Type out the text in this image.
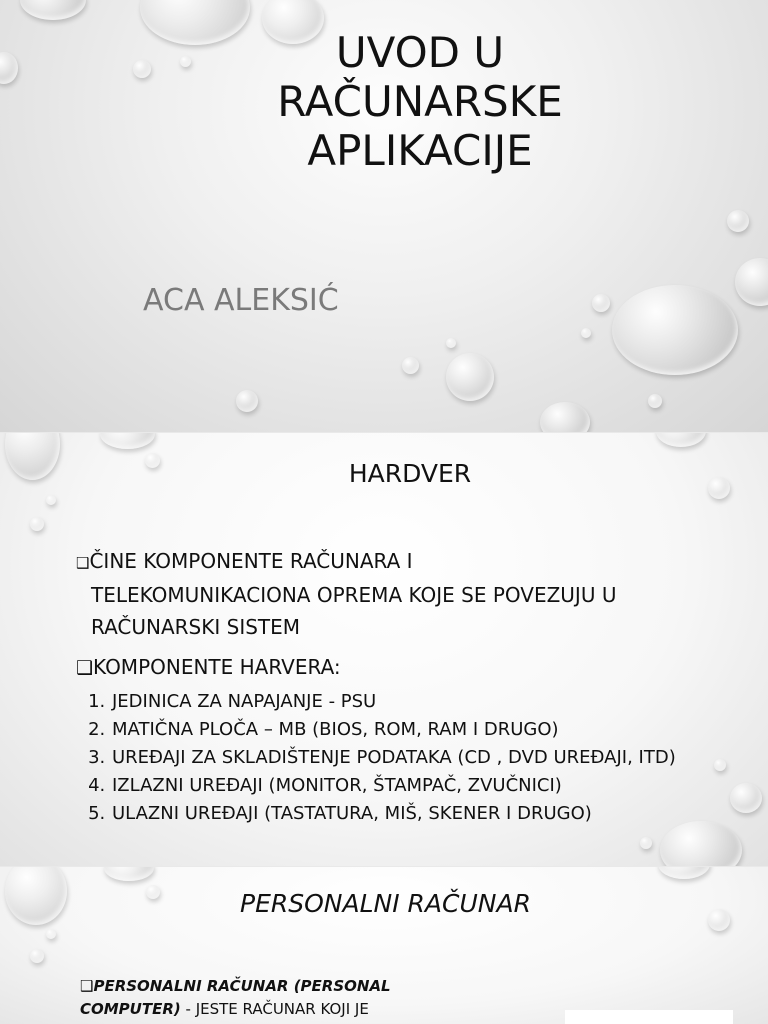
UVOD U
RAČUNARSKE
APLIKACIJE
ACA ALEKSIĆ
HARDVER
❑ČINE KOMPONENTE RAČUNARA I
TELEKOMUNIKACIONA OPREMA KOJE SE POVEZUJU U
RAČUNARSKI SISTEM
❑KOMPONENTE HARVERA:
1. JEDINICA ZA NAPAJANJE - PSU
2. MATIČNA PLOČA – MB (BIOS, ROM, RAM I DRUGO)
3. UREĐAJI ZA SKLADIŠTENJE PODATAKA (CD , DVD UREĐAJI, ITD)
4. IZLAZNI UREĐAJI (MONITOR, ŠTAMPAČ, ZVUČNICI)
5. ULAZNI UREĐAJI (TASTATURA, MIŠ, SKENER I DRUGO)
PERSONALNI RAČUNAR
❑PERSONALNI RAČUNAR (PERSONAL COMPUTER) - JESTE RAČUNAR KOJI JE
